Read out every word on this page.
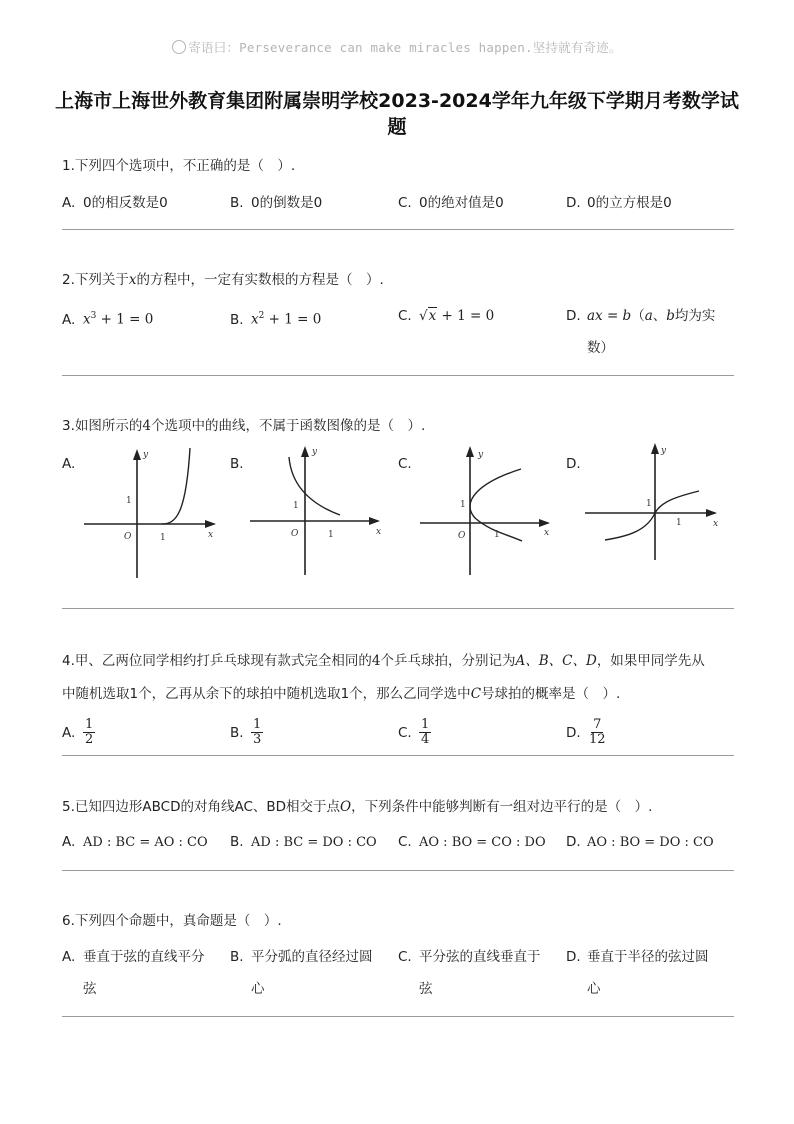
寄语曰：Perseverance can make miracles happen.坚持就有奇迹。
上海市上海世外教育集团附属崇明学校2023-2024学年九年级下学期月考数学试
题
1.下列四个选项中，不正确的是（　）.
A. 0的相反数是0	B. 0的倒数是0	C. 0的绝对值是0	D. 0的立方根是0
2.下列关于x的方程中，一定有实数根的方程是（　）.
A. $x^3 + 1 = 0$	B. $x^2 + 1 = 0$	C. √x + 1 = 0	D. ax = b（a、b均为实
数）
3.如图所示的4个选项中的曲线，不属于函数图像的是（　）.
A.	B.	C.	D.
y
x
O
1
1
y
x
O
1
1
y
x
O
1
1
y
x
1
1
4.甲、乙两位同学相约打乒乓球现有款式完全相同的4个乒乓球拍，分别记为A、B、C、D，如果甲同学先从
中随机选取1个，乙再从余下的球拍中随机选取1个，那么乙同学选中C号球拍的概率是（　）.
A. $\frac{1}{2}$	B. $\frac{1}{3}$	C. $\frac{1}{4}$	D. $\frac{7}{12}$
5.已知四边形ABCD的对角线AC、BD相交于点O，下列条件中能够判断有一组对边平行的是（　）.
A. AD : BC = AO : CO	B. AD : BC = DO : CO	C. AO : BO = CO : DO	D. AO : BO = DO : CO
6.下列四个命题中，真命题是（　）.
A. 垂直于弦的直线平分
弦
B. 平分弧的直径经过圆
心
C. 平分弦的直线垂直于
弦
D. 垂直于半径的弦过圆
心
